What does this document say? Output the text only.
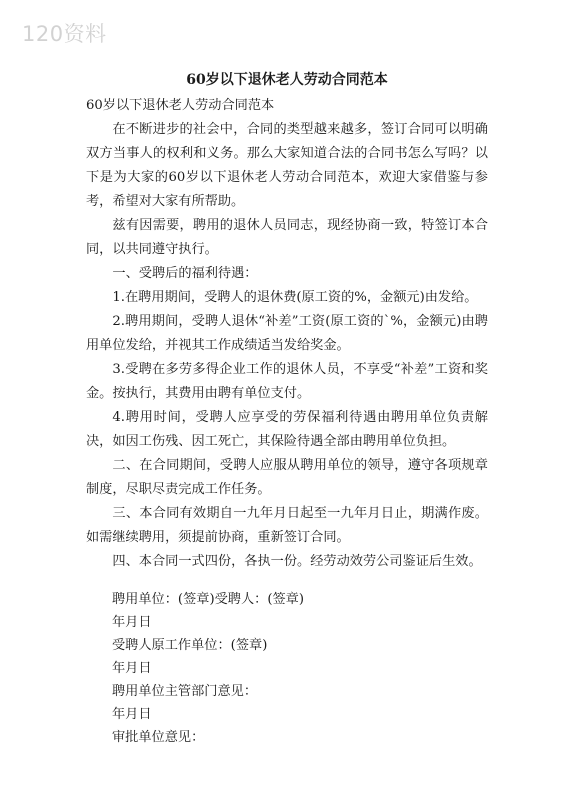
120资料
60岁以下退休老人劳动合同范本

60岁以下退休老人劳动合同范本

在不断进步的社会中，合同的类型越来越多，签订合同可以明确双方当事人的权利和义务。那么大家知道合法的合同书怎么写吗？以下是为大家的60岁以下退休老人劳动合同范本，欢迎大家借鉴与参考，希望对大家有所帮助。

兹有因需要，聘用的退休人员同志，现经协商一致，特签订本合同，以共同遵守执行。

一、受聘后的福利待遇：

1.在聘用期间，受聘人的退休费(原工资的%，金额元)由发给。

2.聘用期间，受聘人退休“补差”工资(原工资的`%，金额元)由聘用单位发给，并视其工作成绩适当发给奖金。

3.受聘在多劳多得企业工作的退休人员，不享受“补差”工资和奖金。按执行，其费用由聘有单位支付。

4.聘用时间，受聘人应享受的劳保福利待遇由聘用单位负责解决，如因工伤残、因工死亡，其保险待遇全部由聘用单位负担。

二、在合同期间，受聘人应服从聘用单位的领导，遵守各项规章制度，尽职尽责完成工作任务。

三、本合同有效期自一九年月日起至一九年月日止，期满作废。如需继续聘用，须提前协商，重新签订合同。

四、本合同一式四份，各执一份。经劳动效劳公司鉴证后生效。

聘用单位：(签章)受聘人：(签章)

年月日

受聘人原工作单位：(签章)

年月日

聘用单位主管部门意见：

年月日

审批单位意见：
